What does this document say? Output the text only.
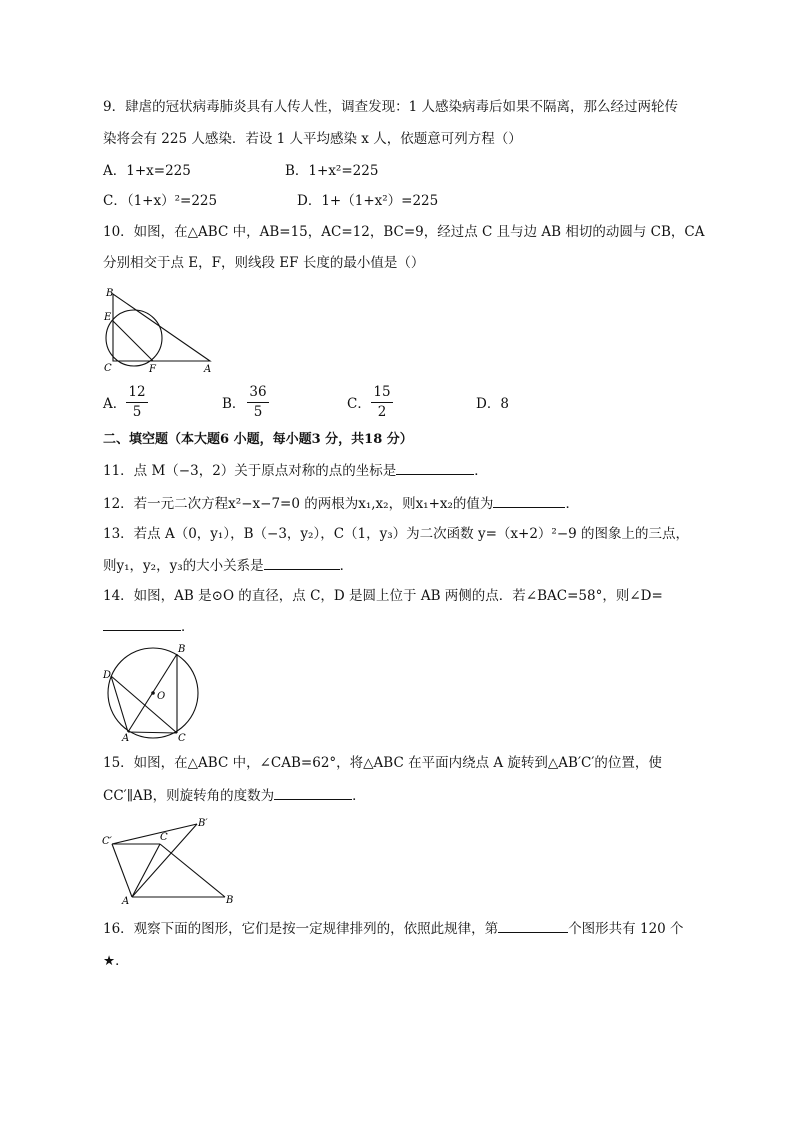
9．肆虐的冠状病毒肺炎具有人传人性，调查发现：1 人感染病毒后如果不隔离，那么经过两轮传
染将会有 225 人感染．若设 1 人平均感染 x 人，依题意可列方程（）
A．1+x=225	B．1+x²=225
C．（1+x）²=225	D．1+（1+x²）=225
10．如图，在△ABC 中，AB=15，AC=12，BC=9，经过点 C 且与边 AB 相切的动圆与 CB，CA
分别相交于点 E，F，则线段 EF 长度的最小值是（）
B
E
C	F	A
A． $\frac{12}{5}$	B． $\frac{36}{5}$	C． $\frac{15}{2}$	D．8
二、填空题（本大题6 小题，每小题3 分，共18 分）
11．点 M（−3，2）关于原点对称的点的坐标是	．
12．若一元二次方程x²−x−7=0 的两根为x₁,x₂，则x₁+x₂的值为	．
13．若点 A（0，y₁），B（−3，y₂），C（1，y₃）为二次函数 y=（x+2）²−9 的图象上的三点，
则y₁，y₂，y₃的大小关系是	．
14．如图，AB 是⊙O 的直径，点 C，D 是圆上位于 AB 两侧的点．若∠BAC=58°，则∠D=
．
B
D
O
A	C
15．如图，在△ABC 中，∠CAB=62°，将△ABC 在平面内绕点 A 旋转到△AB′C′的位置，使
CC′∥AB，则旋转角的度数为	．
C′
B′
C
A	B
16．观察下面的图形，它们是按一定规律排列的，依照此规律，第	个图形共有 120 个
★．
